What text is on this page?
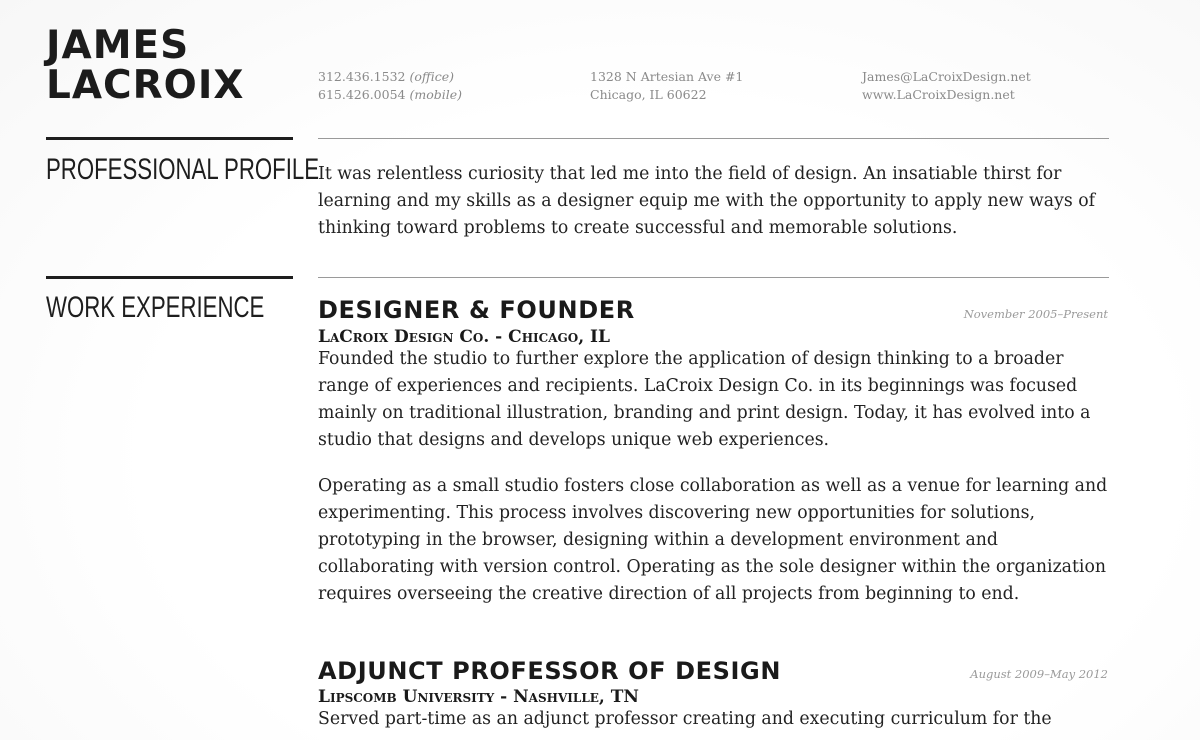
JAMES
LACROIX	312.436.1532 (office)
615.426.0054 (mobile)
1328 N Artesian Ave #1
Chicago, IL 60622
James@LaCroixDesign.net
www.LaCroixDesign.net
PROFESSIONAL PROFILE

It was relentless curiosity that led me into the field of design. An insatiable thirst for learning and my skills as a designer equip me with the opportunity to apply new ways of thinking toward problems to create successful and memorable solutions.

WORK EXPERIENCE DESIGNER & FOUNDER	November 2005–Present
LaCroix Design Co. - Chicago, IL

Founded the studio to further explore the application of design thinking to a broader range of experiences and recipients. LaCroix Design Co. in its beginnings was focused mainly on traditional illustration, branding and print design. Today, it has evolved into a studio that designs and develops unique web experiences.

Operating as a small studio fosters close collaboration as well as a venue for learning and experimenting. This process involves discovering new opportunities for solutions, prototyping in the browser, designing within a development environment and collaborating with version control. Operating as the sole designer within the organization requires overseeing the creative direction of all projects from beginning to end.

ADJUNCT PROFESSOR OF DESIGN	August 2009–May 2012
Lipscomb University - Nashville, TN

Served part-time as an adjunct professor creating and executing curriculum for the
